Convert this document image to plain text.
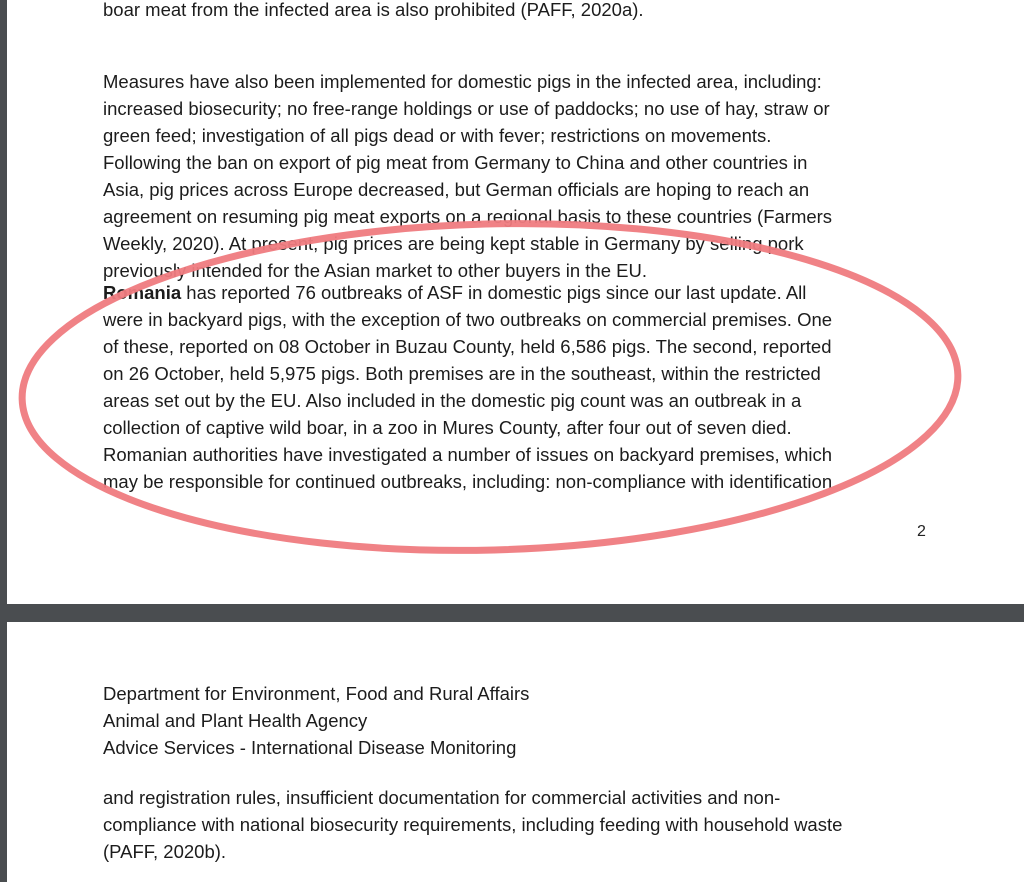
boar meat from the infected area is also prohibited (PAFF, 2020a).
Measures have also been implemented for domestic pigs in the infected area, including:
increased biosecurity; no free-range holdings or use of paddocks; no use of hay, straw or
green feed; investigation of all pigs dead or with fever; restrictions on movements.
Following the ban on export of pig meat from Germany to China and other countries in
Asia, pig prices across Europe decreased, but German officials are hoping to reach an
agreement on resuming pig meat exports on a regional basis to these countries (Farmers
Weekly, 2020). At present, pig prices are being kept stable in Germany by selling pork
previously intended for the Asian market to other buyers in the EU.
Romania has reported 76 outbreaks of ASF in domestic pigs since our last update. All
were in backyard pigs, with the exception of two outbreaks on commercial premises. One
of these, reported on 08 October in Buzau County, held 6,586 pigs. The second, reported
on 26 October, held 5,975 pigs. Both premises are in the southeast, within the restricted
areas set out by the EU. Also included in the domestic pig count was an outbreak in a
collection of captive wild boar, in a zoo in Mures County, after four out of seven died.
Romanian authorities have investigated a number of issues on backyard premises, which
may be responsible for continued outbreaks, including: non-compliance with identification
2
Department for Environment, Food and Rural Affairs
Animal and Plant Health Agency
Advice Services - International Disease Monitoring
and registration rules, insufficient documentation for commercial activities and non-
compliance with national biosecurity requirements, including feeding with household waste
(PAFF, 2020b).
